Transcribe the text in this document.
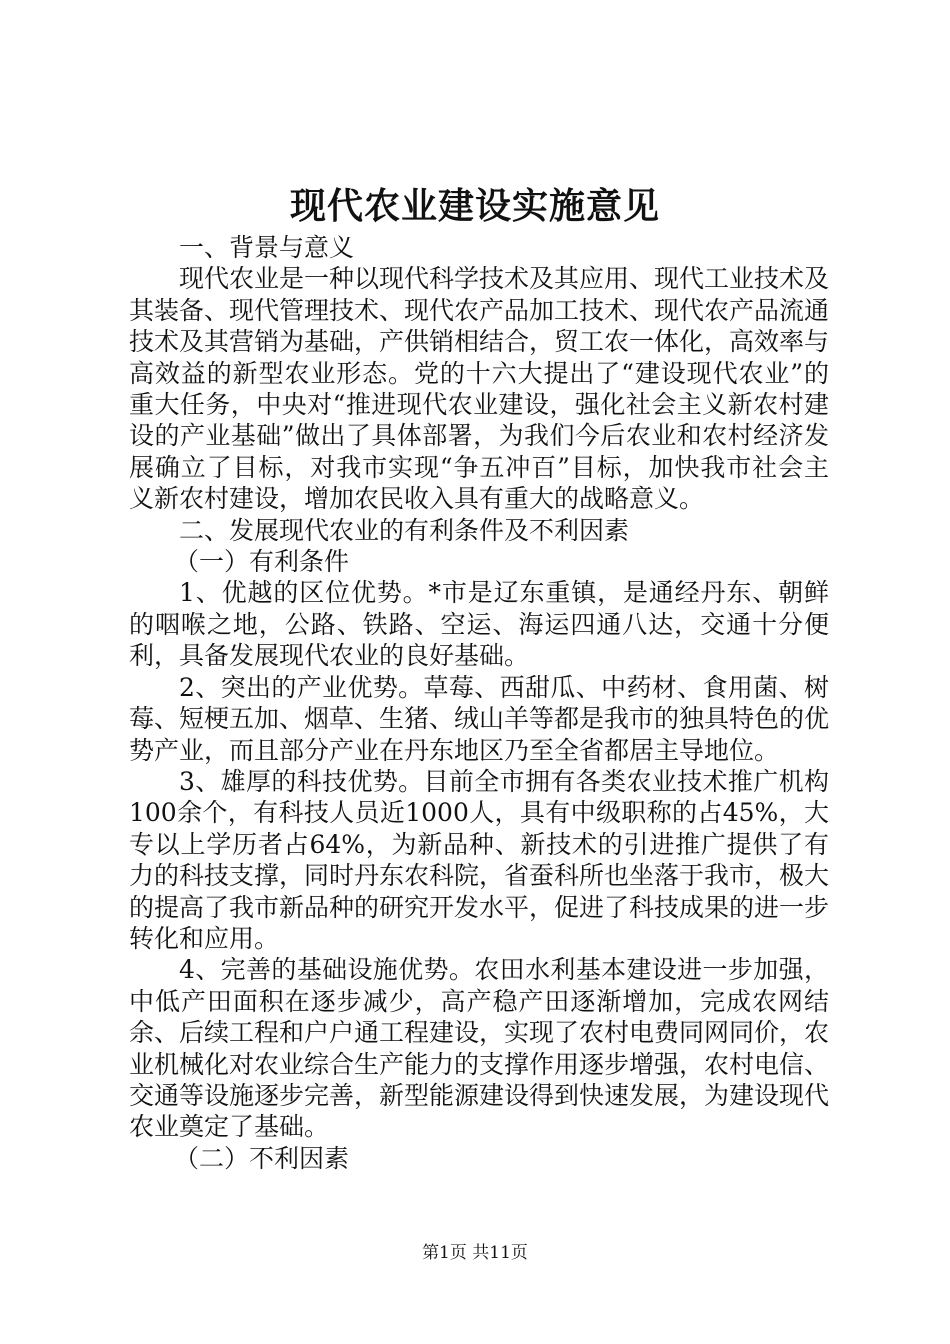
现代农业建设实施意见

一、背景与意义

现代农业是一种以现代科学技术及其应用、现代工业技术及其装备、现代管理技术、现代农产品加工技术、现代农产品流通技术及其营销为基础，产供销相结合，贸工农一体化，高效率与高效益的新型农业形态。党的十六大提出了“建设现代农业”的重大任务，中央对“推进现代农业建设，强化社会主义新农村建设的产业基础”做出了具体部署，为我们今后农业和农村经济发展确立了目标，对我市实现“争五冲百”目标，加快我市社会主义新农村建设，增加农民收入具有重大的战略意义。

二、发展现代农业的有利条件及不利因素

（一）有利条件

1、优越的区位优势。*市是辽东重镇，是通经丹东、朝鲜的咽喉之地，公路、铁路、空运、海运四通八达，交通十分便利，具备发展现代农业的良好基础。

2、突出的产业优势。草莓、西甜瓜、中药材、食用菌、树莓、短梗五加、烟草、生猪、绒山羊等都是我市的独具特色的优势产业，而且部分产业在丹东地区乃至全省都居主导地位。

3、雄厚的科技优势。目前全市拥有各类农业技术推广机构100余个，有科技人员近1000人，具有中级职称的占45%，大专以上学历者占64%，为新品种、新技术的引进推广提供了有力的科技支撑，同时丹东农科院，省蚕科所也坐落于我市，极大的提高了我市新品种的研究开发水平，促进了科技成果的进一步转化和应用。

4、完善的基础设施优势。农田水利基本建设进一步加强，中低产田面积在逐步减少，高产稳产田逐渐增加，完成农网结余、后续工程和户户通工程建设，实现了农村电费同网同价，农业机械化对农业综合生产能力的支撑作用逐步增强，农村电信、交通等设施逐步完善，新型能源建设得到快速发展，为建设现代农业奠定了基础。

（二）不利因素

第1页 共11页
